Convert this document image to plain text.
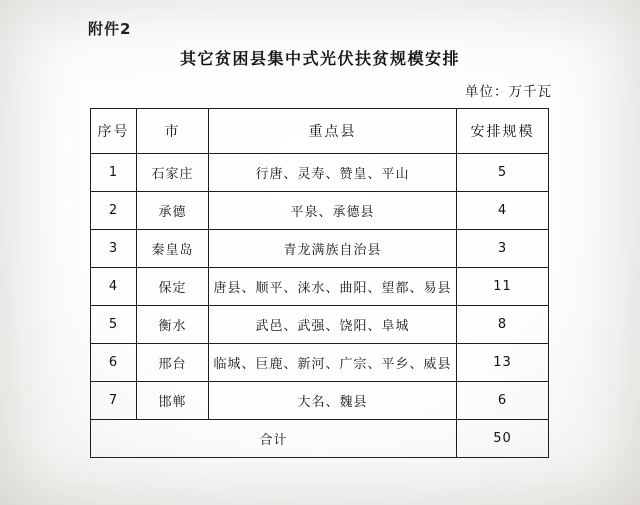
附件2
其它贫困县集中式光伏扶贫规模安排
单位：万千瓦
序号	市	重点县	安排规模
1	石家庄	行唐、灵寿、赞皇、平山	5
2	承德	平泉、承德县	4
3	秦皇岛	青龙满族自治县	3
4	保定	唐县、顺平、涞水、曲阳、望都、易县	11
5	衡水	武邑、武强、饶阳、阜城	8
6	邢台	临城、巨鹿、新河、广宗、平乡、威县	13
7	邯郸	大名、魏县	6
合计			50
